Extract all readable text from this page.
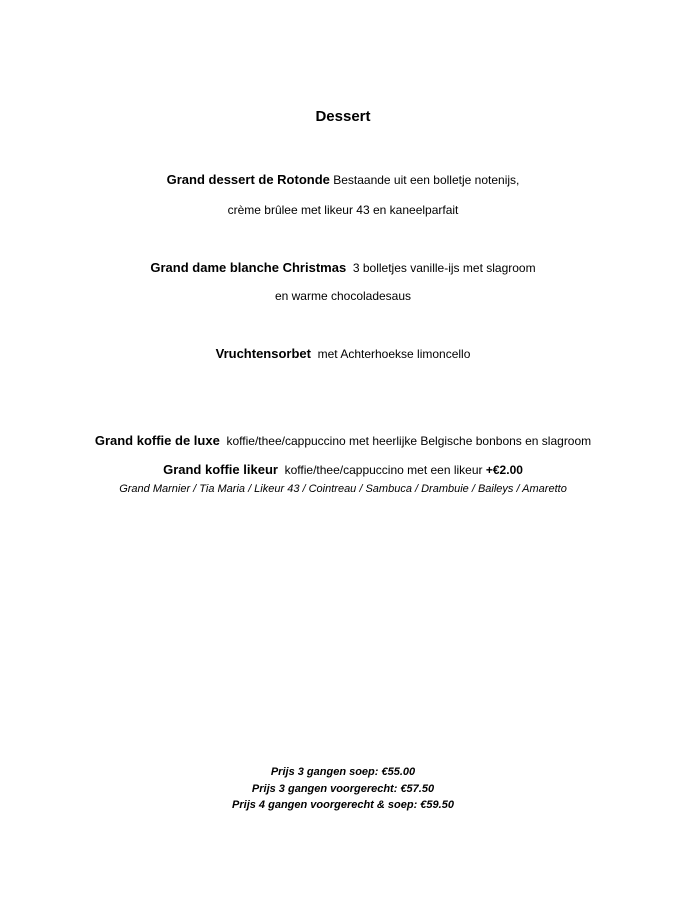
Dessert
Grand dessert de Rotonde Bestaande uit een bolletje notenijs,
crème brûlee met likeur 43 en kaneelparfait
Grand dame blanche Christmas 3 bolletjes vanille-ijs met slagroom
en warme chocoladesaus
Vruchtensorbet met Achterhoekse limoncello
Grand koffie de luxe koffie/thee/cappuccino met heerlijke Belgische bonbons en slagroom
Grand koffie likeur koffie/thee/cappuccino met een likeur +€2.00
Grand Marnier / Tia Maria / Likeur 43 / Cointreau / Sambuca / Drambuie / Baileys / Amaretto
Prijs 3 gangen soep: €55.00
Prijs 3 gangen voorgerecht: €57.50
Prijs 4 gangen voorgerecht & soep: €59.50
